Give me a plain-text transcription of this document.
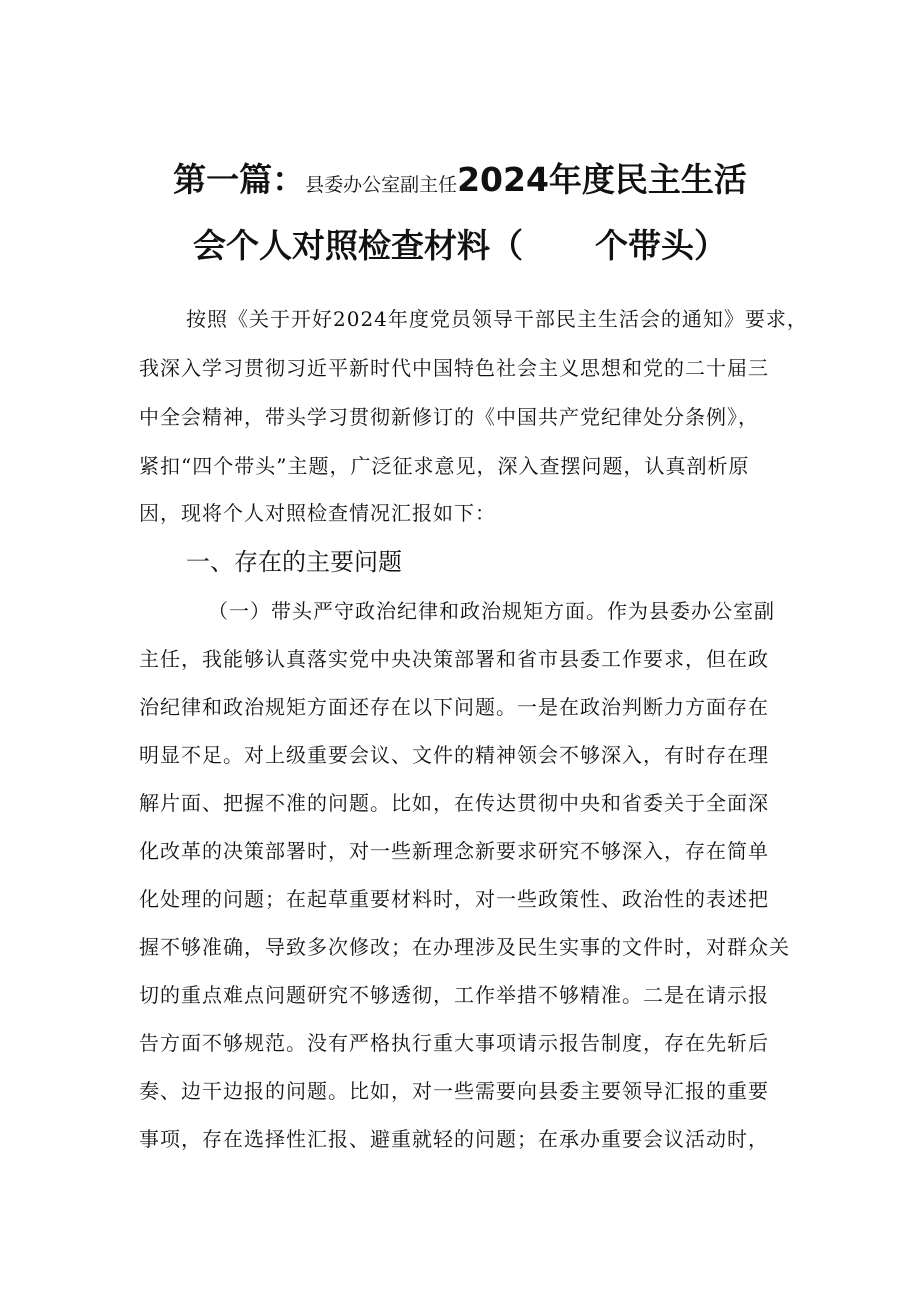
第一篇：县委办公室副主任2024年度民主生活
会个人对照检查材料（ 个带头）
按照《关于开好2024年度党员领导干部民主生活会的通知》要求，
我深入学习贯彻习近平新时代中国特色社会主义思想和党的二十届三
中全会精神，带头学习贯彻新修订的《中国共产党纪律处分条例》，
紧扣“四个带头”主题，广泛征求意见，深入查摆问题，认真剖析原
因，现将个人对照检查情况汇报如下：
一、存在的主要问题
（一）带头严守政治纪律和政治规矩方面。作为县委办公室副
主任，我能够认真落实党中央决策部署和省市县委工作要求，但在政
治纪律和政治规矩方面还存在以下问题。一是在政治判断力方面存在
明显不足。对上级重要会议、文件的精神领会不够深入，有时存在理
解片面、把握不准的问题。比如，在传达贯彻中央和省委关于全面深
化改革的决策部署时，对一些新理念新要求研究不够深入，存在简单
化处理的问题；在起草重要材料时，对一些政策性、政治性的表述把
握不够准确，导致多次修改；在办理涉及民生实事的文件时，对群众关
切的重点难点问题研究不够透彻，工作举措不够精准。二是在请示报
告方面不够规范。没有严格执行重大事项请示报告制度，存在先斩后
奏、边干边报的问题。比如，对一些需要向县委主要领导汇报的重要
事项，存在选择性汇报、避重就轻的问题；在承办重要会议活动时，
